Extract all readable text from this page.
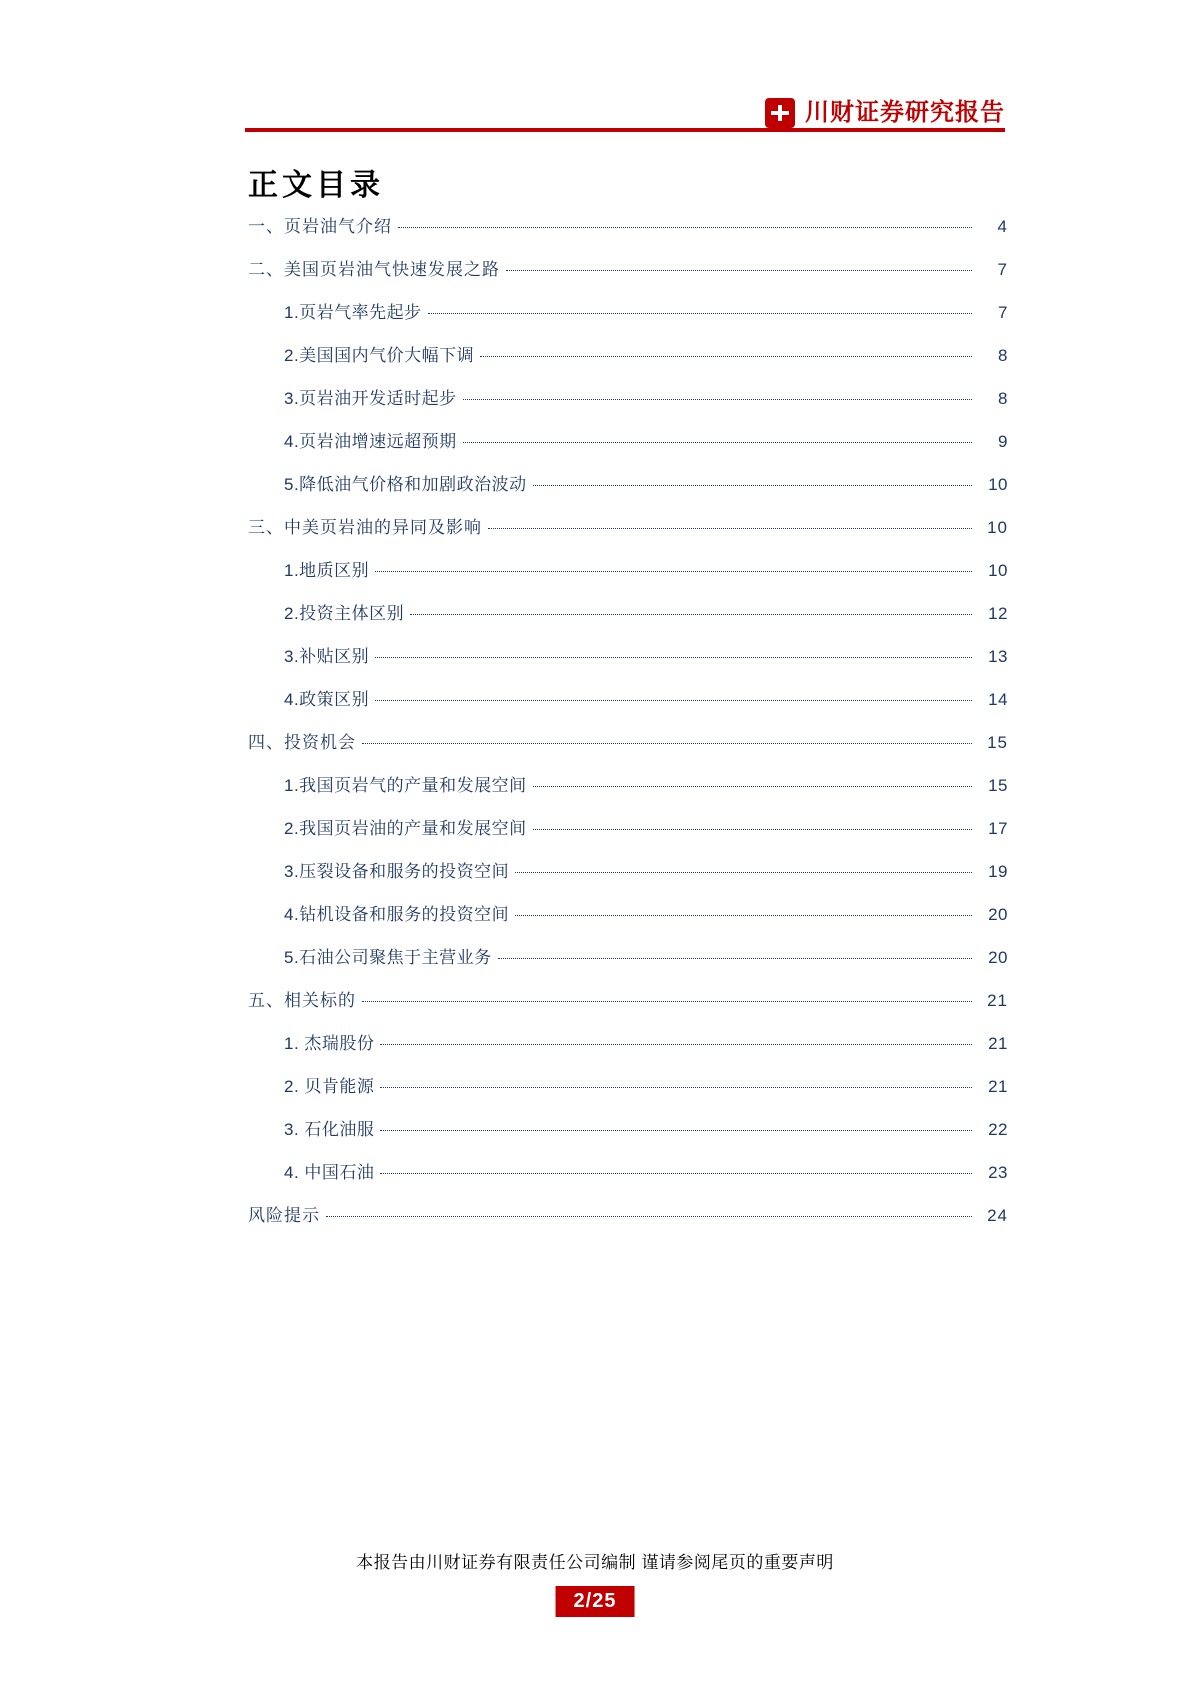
川财证券研究报告
正文目录
一、页岩油气介绍	4
二、美国页岩油气快速发展之路	7
1.页岩气率先起步	7
2.美国国内气价大幅下调	8
3.页岩油开发适时起步	8
4.页岩油增速远超预期	9
5.降低油气价格和加剧政治波动	10
三、中美页岩油的异同及影响	10
1.地质区别	10
2.投资主体区别	12
3.补贴区别	13
4.政策区别	14
四、投资机会	15
1.我国页岩气的产量和发展空间	15
2.我国页岩油的产量和发展空间	17
3.压裂设备和服务的投资空间	19
4.钻机设备和服务的投资空间	20
5.石油公司聚焦于主营业务	20
五、相关标的	21
1. 杰瑞股份	21
2. 贝肯能源	21
3. 石化油服	22
4. 中国石油	23
风险提示	24
本报告由川财证券有限责任公司编制 谨请参阅尾页的重要声明
2/25
